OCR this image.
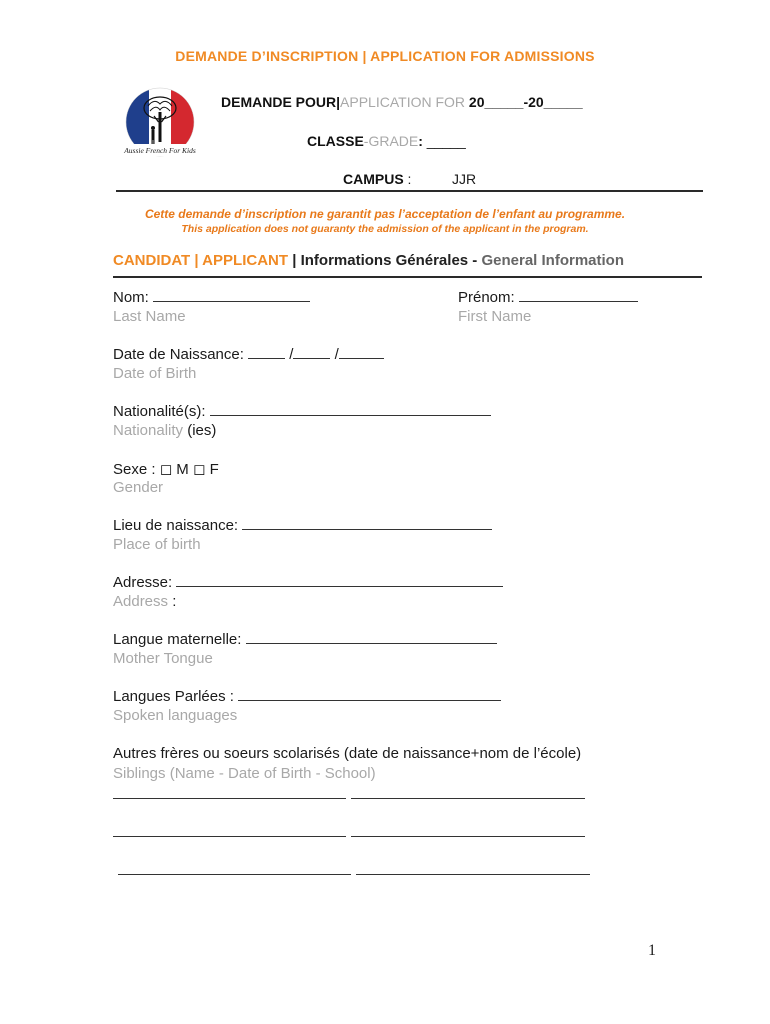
DEMANDE D’INSCRIPTION | APPLICATION FOR ADMISSIONS
Aussie French For Kids
DEMANDE POUR|APPLICATION FOR 20_____-20_____
CLASSE-GRADE: _____
CAMPUS :	JJR
Cette demande d’inscription ne garantit pas l’acceptation de l’enfant au programme.
This application does not guaranty the admission of the applicant in the program.
CANDIDAT | APPLICANT | Informations Générales - General Information
Nom:
Last Name
Prénom:
First Name
Date de Naissance:	/	/
Date of Birth
Nationalité(s):
Nationality (ies)
Sexe : ◻ M ◻ F
Gender
Lieu de naissance:
Place of birth
Adresse:
Address :
Langue maternelle:
Mother Tongue
Langues Parlées :
Spoken languages
Autres frères ou soeurs scolarisés (date de naissance+nom de l’école)
Siblings (Name - Date of Birth - School)
1
